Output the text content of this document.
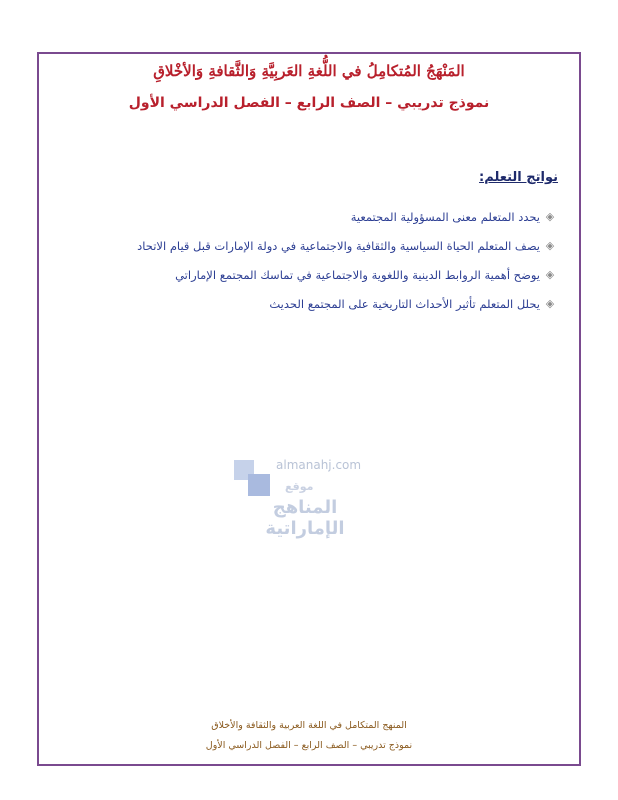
المَنْهَجُ المُتكامِلُ في اللُّغةِ العَربِيَّةِ وَالثَّقافةِ وَالأخْلاقِ
نموذج تدريبي – الصف الرابع – الفصل الدراسي الأول
نواتج التعلم:
◈
يحدد المتعلم معنى المسؤولية المجتمعية
◈
يصف المتعلم الحياة السياسية والثقافية والاجتماعية في دولة الإمارات قبل قيام الاتحاد
◈
يوضح أهمية الروابط الدينية واللغوية والاجتماعية في تماسك المجتمع الإماراتي
◈
يحلل المتعلم تأثير الأحداث التاريخية على المجتمع الحديث
almanahj.com
موقع
المناهج الإماراتية
المنهج المتكامل في اللغة العربية والثقافة والأخلاق
نموذج تدريبي – الصف الرابع – الفصل الدراسي الأول
